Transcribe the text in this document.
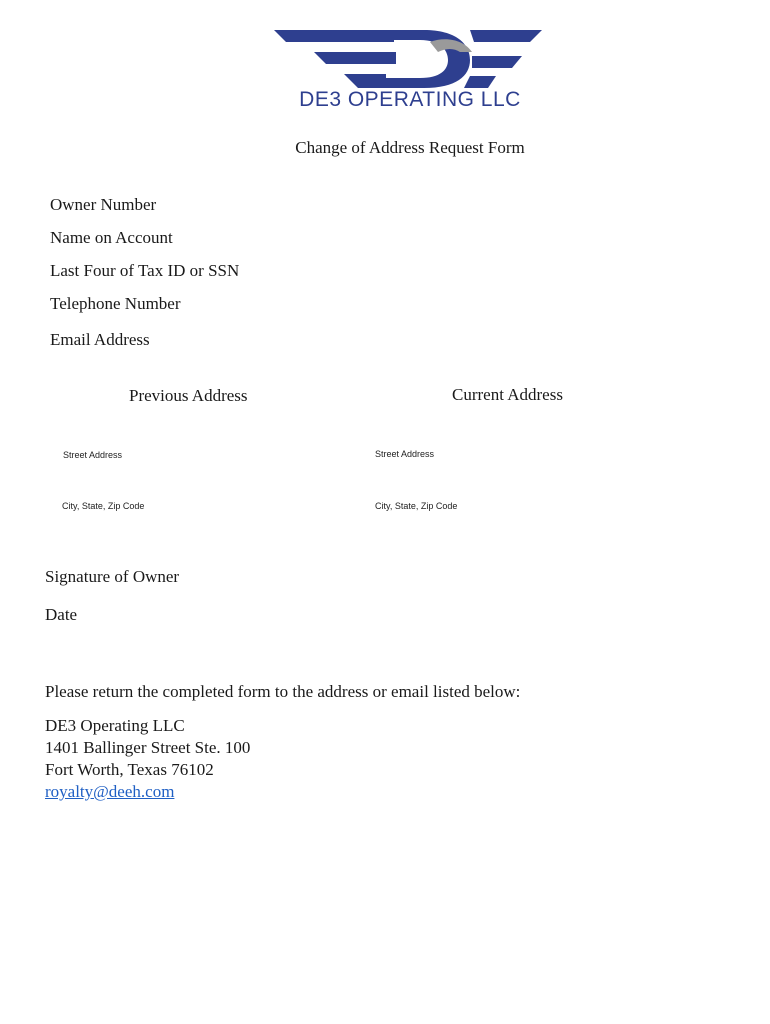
DE3 OPERATING LLC
Change of Address Request Form
Owner Number
Name on Account
Last Four of Tax ID or SSN
Telephone Number
Email Address
Previous Address	Current Address
Street Address	Street Address
City, State, Zip Code	City, State, Zip Code
Signature of Owner
Date
Please return the completed form to the address or email listed below:
DE3 Operating LLC
1401 Ballinger Street Ste. 100
Fort Worth, Texas 76102
royalty@deeh.com
